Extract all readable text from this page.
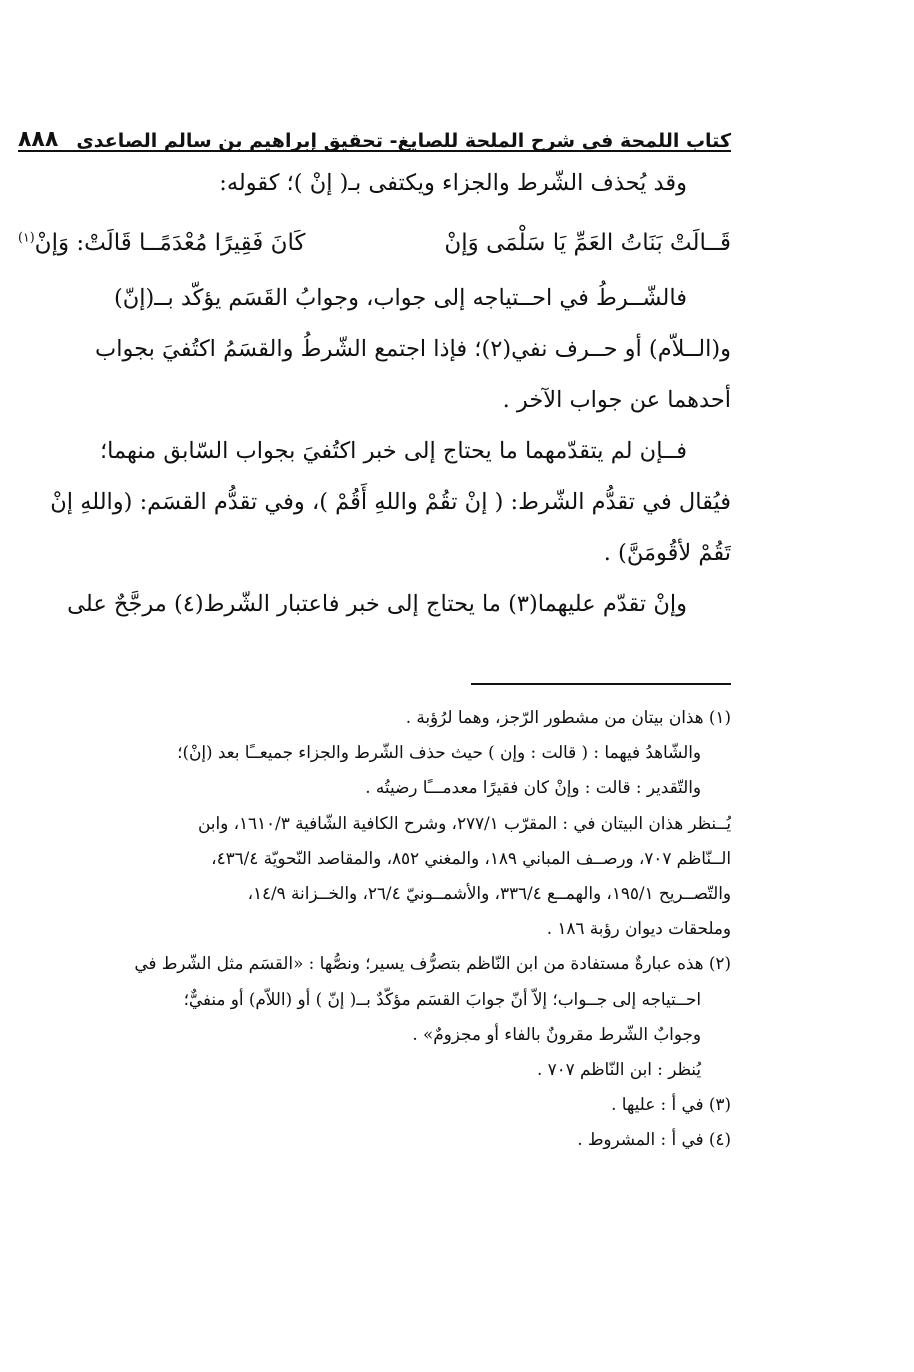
كتاب اللمحة في شرح الملحة للصايغ- تحقيق إبراهيم بن سالم الصاعدي
٨٨٨
وقد يُحذف الشّرط والجزاء ويكتفى بـ( إنْ )؛ كقوله:
قَــالَتْ بَنَاتُ العَمِّ يَا سَلْمَى وَإنْ
كَانَ فَقِيرًا مُعْدَمًــا قَالَتْ: وَإنْ$^{(١)}$
فالشّــرطُ في احــتياجه إلى جواب، وجوابُ القَسَم يؤكّد بــ(إنّ)
و(الــلاّم) أو حــرف نفي(٢)؛ فإذا اجتمع الشّرطُ والقسَمُ اكتُفيَ بجواب
أحدهما عن جواب الآخر .
فــإن لم يتقدّمهما ما يحتاج إلى خبر اكتُفيَ بجواب السّابق منهما؛
فيُقال في تقدُّم الشّرط: ( إنْ تقُمْ واللهِ أَقُمْ )، وفي تقدُّم القسَم: (واللهِ إنْ
تَقُمْ لأقُومَنَّ) .
وإنْ تقدّم عليهما(٣) ما يحتاج إلى خبر فاعتبار الشّرط(٤) مرجَّحٌ على
(١) هذان بيتان من مشطور الرّجز، وهما لرُؤبة .
والشّاهدُ فيهما : ( قالت : وإن ) حيث حذف الشّرط والجزاء جميعــًا بعد (إنْ)؛
والتّقدير : قالت : وإنْ كان فقيرًا معدمـــًا رضيتُه .
يُــنظر هذان البيتان في : المقرّب ٢٧٧/١، وشرح الكافية الشّافية ١٦١٠/٣، وابن
الــنّاظم ٧٠٧، ورصــف المباني ١٨٩، والمغني ٨٥٢، والمقاصد النّحويّة ٤٣٦/٤،
والتّصــريح ١٩٥/١، والهمــع ٣٣٦/٤، والأشمــونيّ ٢٦/٤، والخــزانة ١٤/٩،
وملحقات ديوان رؤبة ١٨٦ .
(٢) هذه عبارةٌ مستفادة من ابن النّاظم بتصرُّف يسير؛ ونصُّها : «القسَم مثل الشّرط في
احــتياجه إلى جــواب؛ إلاّ أنّ جوابَ القسَم مؤكّدٌ بــ( إنّ ) أو (اللاّم) أو منفيٌّ؛
وجوابٌ الشّرط مقرونٌ بالفاء أو مجزومٌ» .
يُنظر : ابن النّاظم ٧٠٧ .
(٣) في أ : عليها .
(٤) في أ : المشروط .
